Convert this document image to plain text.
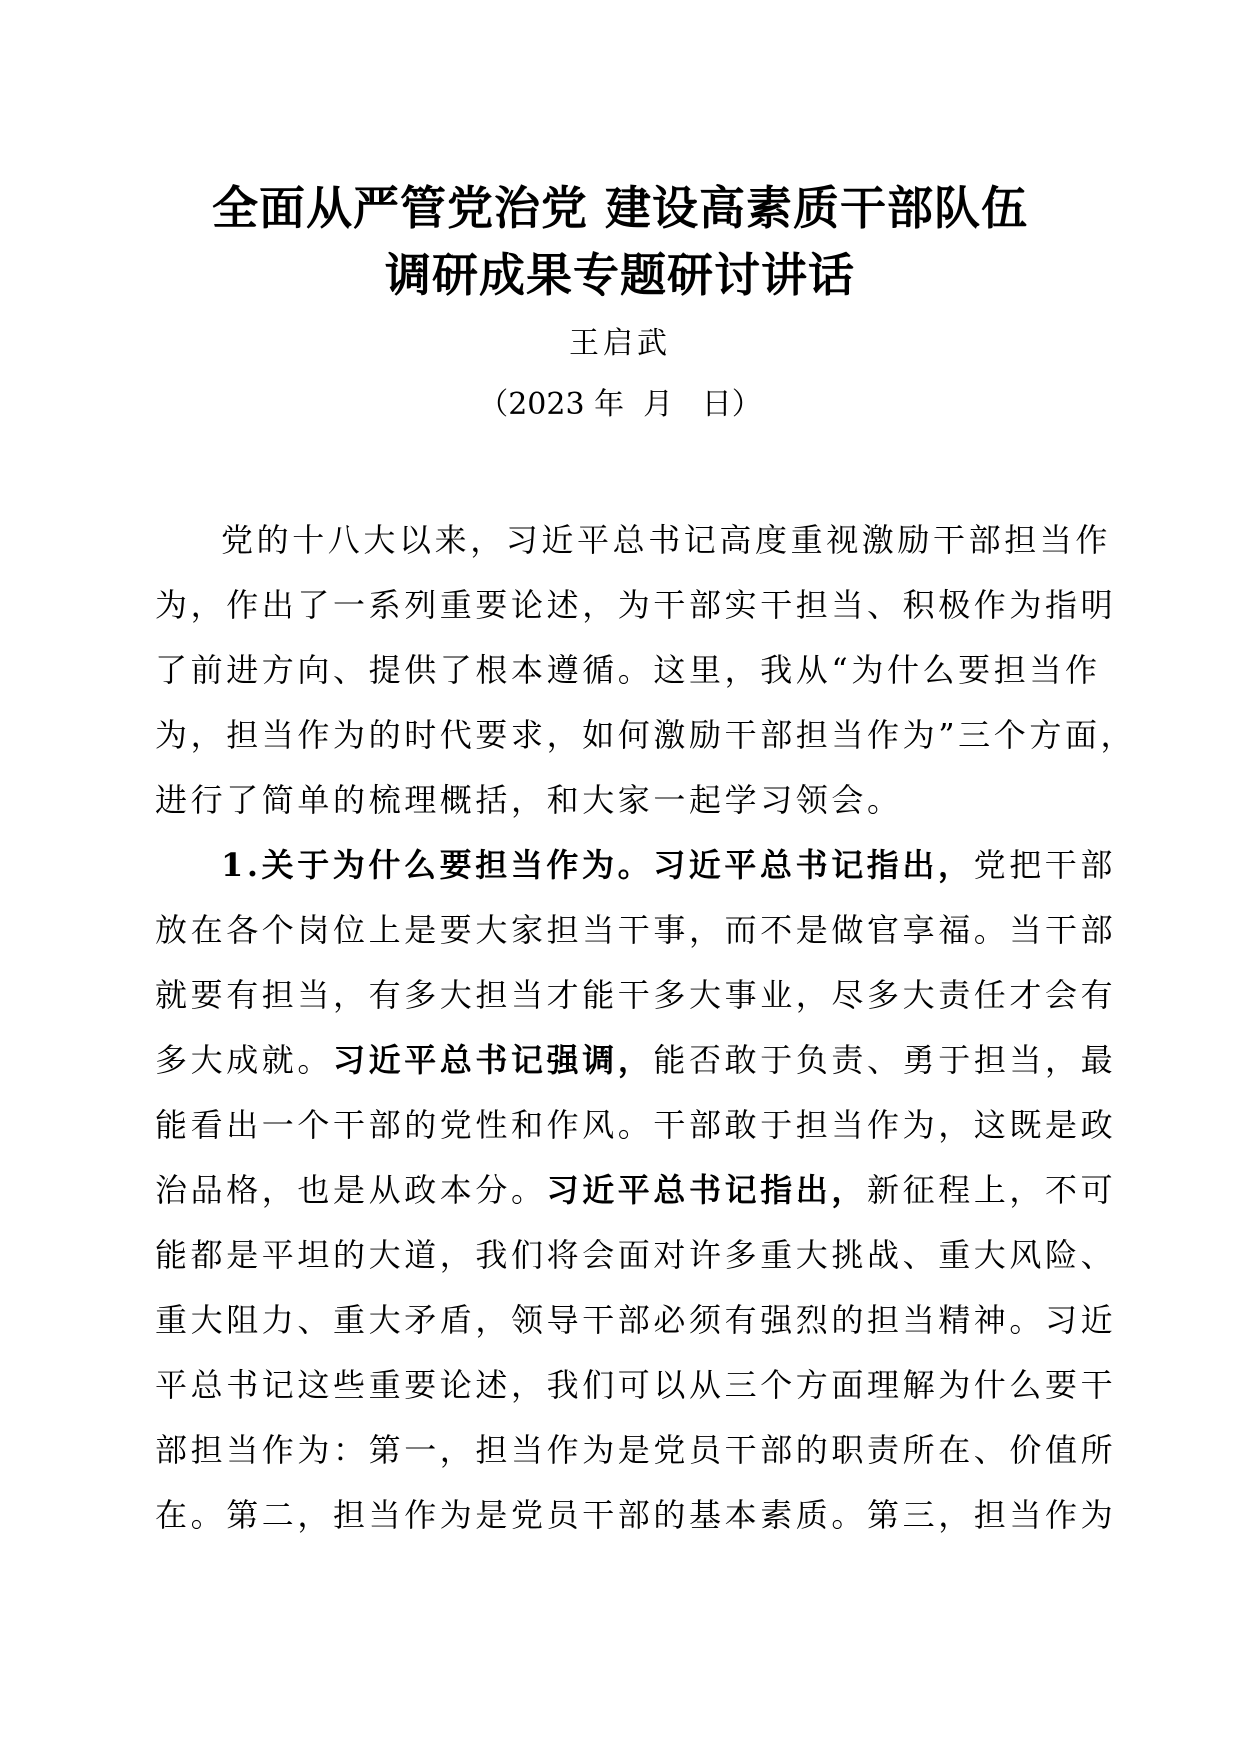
全面从严管党治党 建设高素质干部队伍
调研成果专题研讨讲话
王启武
（2023 年  月   日）
党的十八大以来，习近平总书记高度重视激励干部担当作
为，作出了一系列重要论述，为干部实干担当、积极作为指明
了前进方向、提供了根本遵循。这里，我从“为什么要担当作
为，担当作为的时代要求，如何激励干部担当作为”三个方面，
进行了简单的梳理概括，和大家一起学习领会。
1.关于为什么要担当作为。习近平总书记指出，党把干部
放在各个岗位上是要大家担当干事，而不是做官享福。当干部
就要有担当，有多大担当才能干多大事业，尽多大责任才会有
多大成就。习近平总书记强调，能否敢于负责、勇于担当，最
能看出一个干部的党性和作风。干部敢于担当作为，这既是政
治品格，也是从政本分。习近平总书记指出，新征程上，不可
能都是平坦的大道，我们将会面对许多重大挑战、重大风险、
重大阻力、重大矛盾，领导干部必须有强烈的担当精神。习近
平总书记这些重要论述，我们可以从三个方面理解为什么要干
部担当作为：第一，担当作为是党员干部的职责所在、价值所
在。第二，担当作为是党员干部的基本素质。第三，担当作为
